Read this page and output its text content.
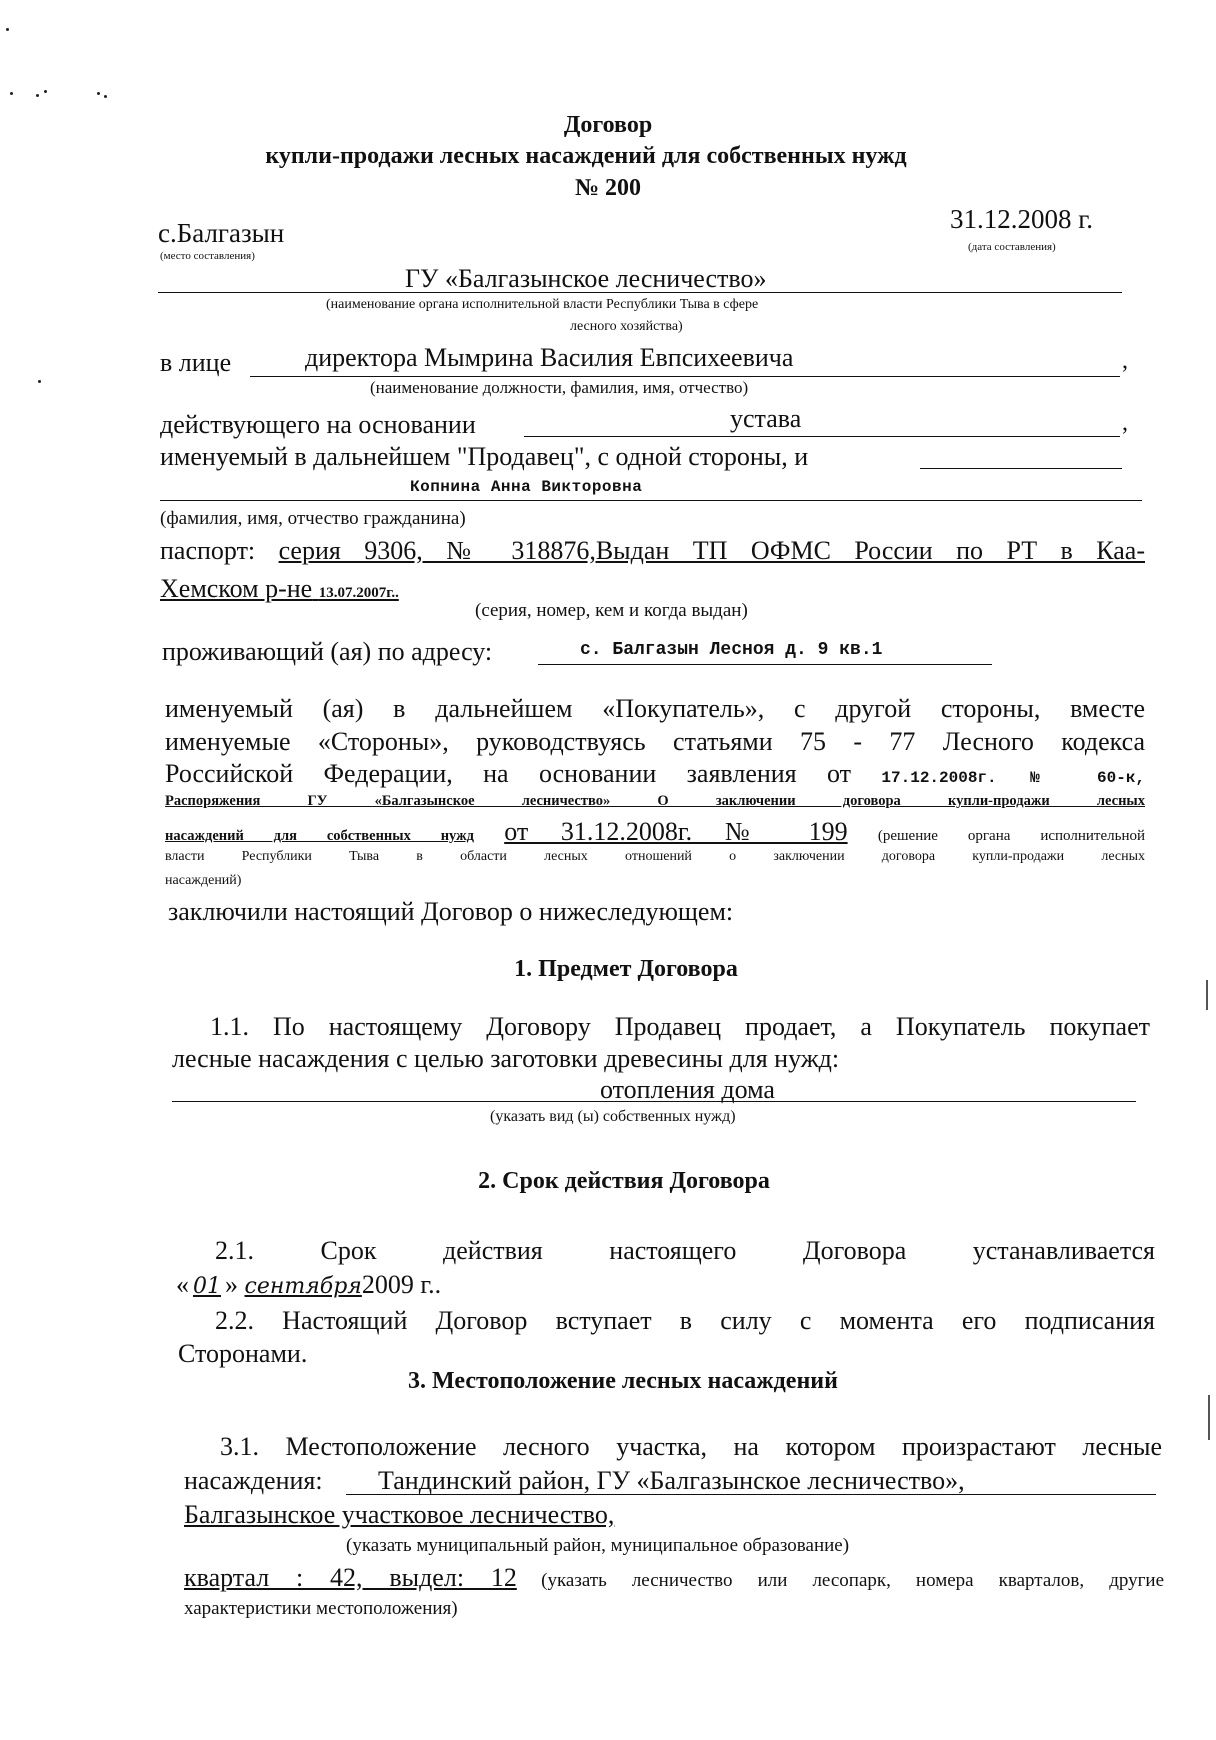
Договор
купли-продажи лесных насаждений для собственных нужд
№ 200
с.Балгазын
(место составления)
31.12.2008 г.
(дата составления)
ГУ «Балгазынское лесничество»
(наименование органа исполнительной власти Республики Тыва в сфере
лесного хозяйства)
в лице	директора Мымрина Василия Евпсихеевича	,
(наименование должности, фамилия, имя, отчество)
действующего на основании	устава	,
именуемый в дальнейшем "Продавец", с одной стороны, и
Копнина Анна Викторовна
(фамилия, имя, отчество гражданина)
паспорт: серия 9306, № 318876,Выдан ТП ОФМС России по РТ в Каа-
Хемском р-не 13.07.2007г..
(серия, номер, кем и когда выдан)
проживающий (ая) по адресу:	с. Балгазын Лесноя д. 9 кв.1
именуемый (ая) в дальнейшем «Покупатель», с другой стороны, вместе
именуемые «Стороны», руководствуясь статьями 75 - 77 Лесного кодекса
Российской Федерации, на основании заявления от 17.12.2008г. № 60-к,
Распоряжения ГУ «Балгазынское лесничество» О заключении договора купли-продажи лесных
насаждений для собственных нужд от 31.12.2008г. № 199 (решение органа исполнительной
власти Республики Тыва в области лесных отношений о заключении договора купли-продажи лесных
насаждений)
заключили настоящий Договор о нижеследующем:
1. Предмет Договора
1.1. По настоящему Договору Продавец продает, а Покупатель покупает
лесные насаждения с целью заготовки древесины для нужд:
отопления дома
(указать вид (ы) собственных нужд)
2. Срок действия Договора
2.1. Срок действия настоящего Договора устанавливается
« 01 » сентября2009 г..
2.2. Настоящий Договор вступает в силу с момента его подписания
Сторонами.
3. Местоположение лесных насаждений
3.1. Местоположение лесного участка, на котором произрастают лесные
насаждения: Тандинский район, ГУ «Балгазынское лесничество»,
Балгазынское участковое лесничество,
(указать муниципальный район, муниципальное образование)
квартал : 42, выдел: 12 (указать лесничество или лесопарк, номера кварталов, другие
характеристики местоположения)
